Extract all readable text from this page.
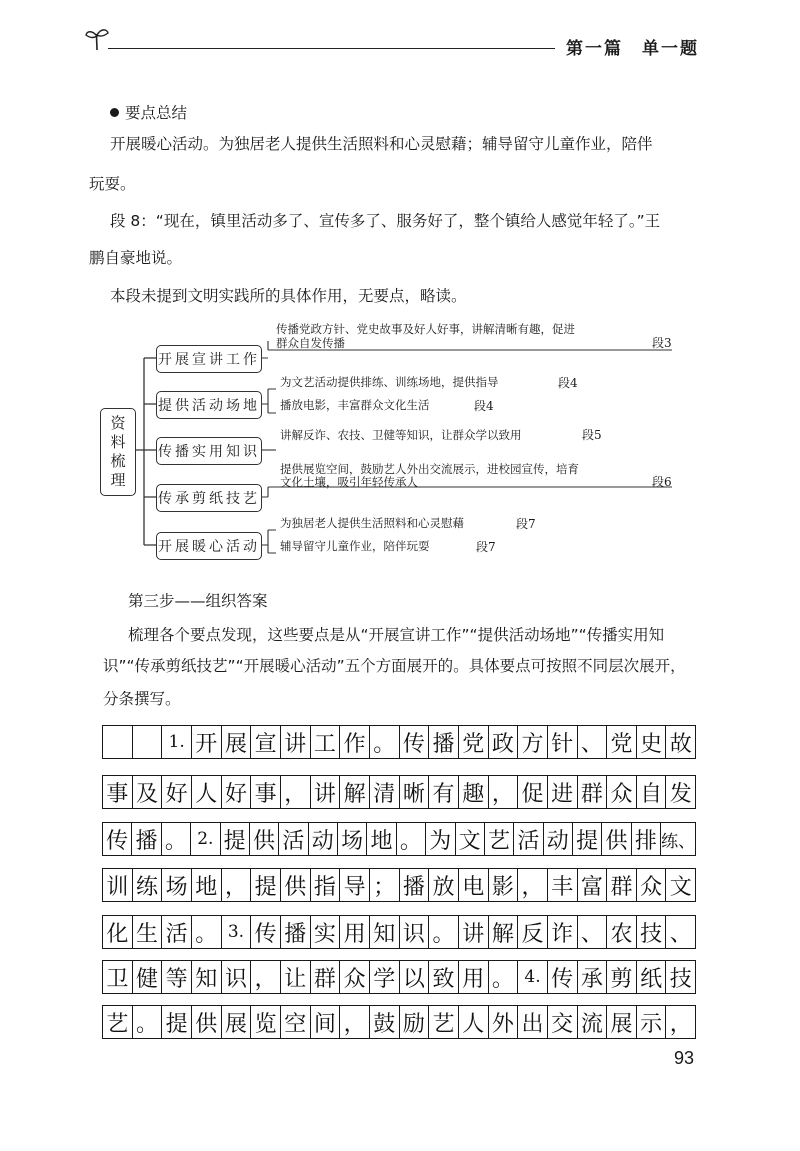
第一篇　单一题
要点总结
开展暖心活动。为独居老人提供生活照料和心灵慰藉；辅导留守儿童作业，陪伴
玩耍。
段 8：“现在，镇里活动多了、宣传多了、服务好了，整个镇给人感觉年轻了。”王
鹏自豪地说。
本段未提到文明实践所的具体作用，无要点，略读。
资
料
梳
理
开展宣讲工作
传播党政方针、党史故事及好人好事，讲解清晰有趣，促进
群众自发传播	段3
提供活动场地
为文艺活动提供排练、训练场地，提供指导	段4
播放电影，丰富群众文化生活	段4
传播实用知识
讲解反诈、农技、卫健等知识，让群众学以致用	段5
传承剪纸技艺
提供展览空间，鼓励艺人外出交流展示，进校园宣传，培育
文化土壤，吸引年轻传承人	段6
开展暖心活动
为独居老人提供生活照料和心灵慰藉	段7
辅导留守儿童作业，陪伴玩耍	段7
第三步——组织答案
梳理各个要点发现，这些要点是从“开展宣讲工作”“提供活动场地”“传播实用知
识”“传承剪纸技艺”“开展暖心活动”五个方面展开的。具体要点可按照不同层次展开，
分条撰写。
1. 开 展 宣 讲 工 作 。 传 播 党 政 方 针 、 党 史 故
事 及 好 人 好 事 ， 讲 解 清 晰 有 趣 ， 促 进 群 众 自 发
传 播 。 2. 提 供 活 动 场 地 。 为 文 艺 活 动 提 供 排 练、
训 练 场 地 ， 提 供 指 导 ； 播 放 电 影 ， 丰 富 群 众 文
化 生 活 。 3. 传 播 实 用 知 识 。 讲 解 反 诈 、 农 技 、
卫 健 等 知 识 ， 让 群 众 学 以 致 用 。 4. 传 承 剪 纸 技
艺 。 提 供 展 览 空 间 ， 鼓 励 艺 人 外 出 交 流 展 示 ，
93
